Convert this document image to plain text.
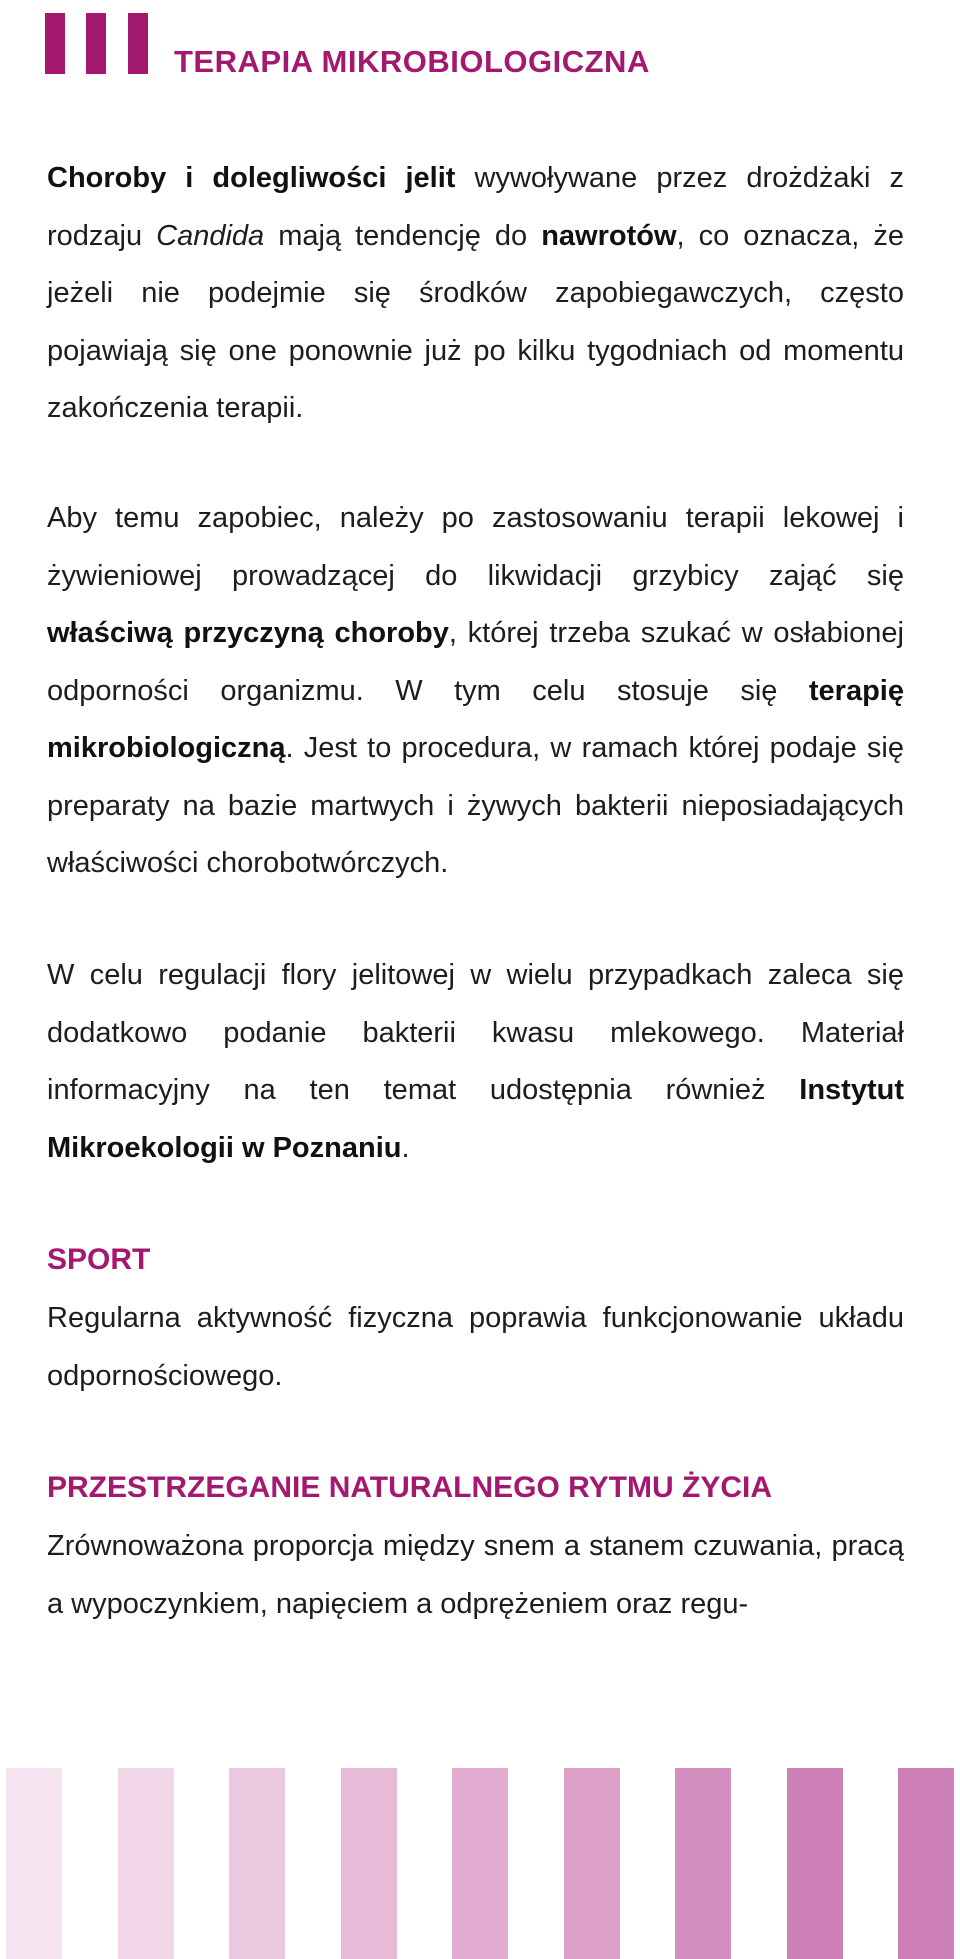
TERAPIA MIKROBIOLOGICZNA

Choroby i dolegliwości jelit wywoływane przez drożdżaki z rodzaju Candida mają tendencję do nawrotów, co oznacza, że jeżeli nie podejmie się środków zapobiegawczych, często pojawiają się one ponownie już po kilku tygodniach od momentu zakończenia terapii.

Aby temu zapobiec, należy po zastosowaniu terapii lekowej i żywieniowej prowadzącej do likwidacji grzybicy zająć się właściwą przyczyną choroby, której trzeba szukać w osłabionej odporności organizmu. W tym celu stosuje się terapię mikrobiologiczną. Jest to procedura, w ramach której podaje się preparaty na bazie martwych i żywych bakterii nieposiadających właściwości chorobotwórczych.

W celu regulacji flory jelitowej w wielu przypadkach zaleca się dodatkowo podanie bakterii kwasu mlekowego. Materiał informacyjny na ten temat udostępnia również Instytut Mikroekologii w Poznaniu.

SPORT

Regularna aktywność fizyczna poprawia funkcjonowanie układu odpornościowego.

PRZESTRZEGANIE NATURALNEGO RYTMU ŻYCIA

Zrównoważona proporcja między snem a stanem czuwania, pracą a wypoczynkiem, napięciem a odprężeniem oraz regu-
